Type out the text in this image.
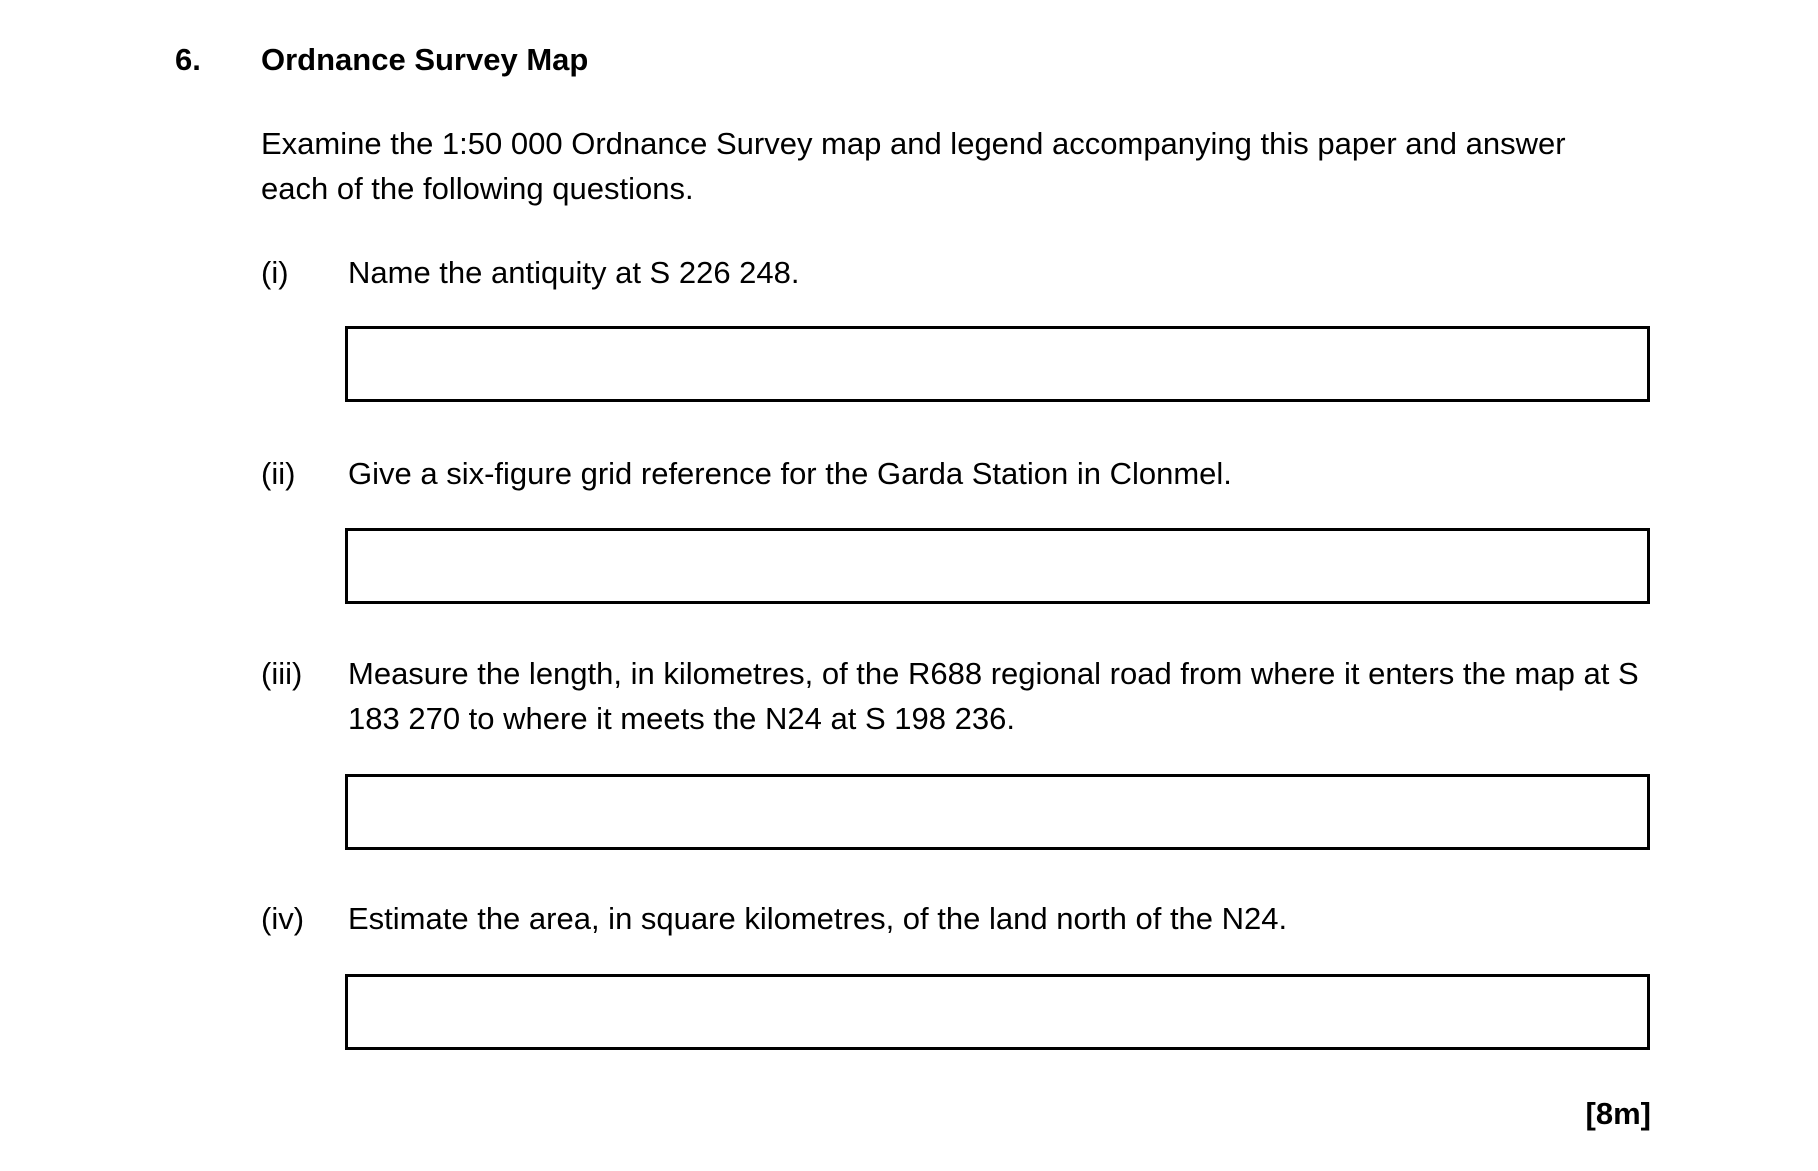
6. Ordnance Survey Map
Examine the 1:50 000 Ordnance Survey map and legend accompanying this paper and answer each of the following questions.
(i) Name the antiquity at S 226 248.
(ii) Give a six-figure grid reference for the Garda Station in Clonmel.
(iii) Measure the length, in kilometres, of the R688 regional road from where it enters the map at S 183 270 to where it meets the N24 at S 198 236.
(iv) Estimate the area, in square kilometres, of the land north of the N24.
[8m]
